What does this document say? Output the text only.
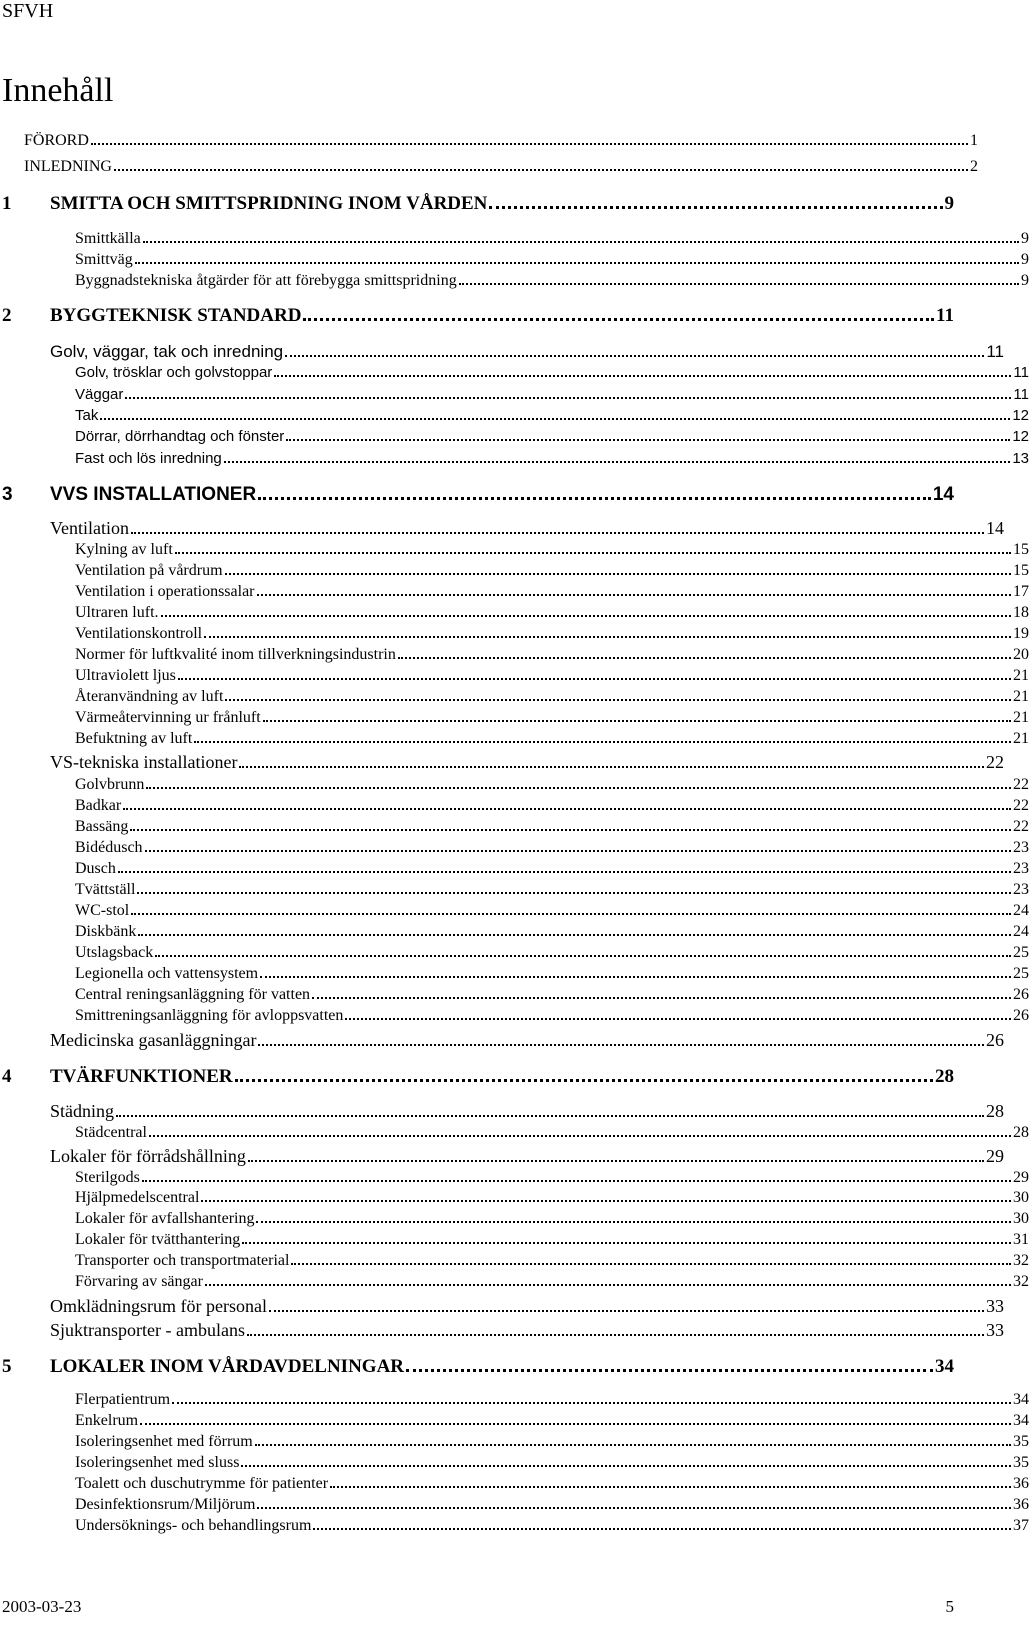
SFVH
Innehåll
FÖRORD	1
INLEDNING	2
1	SMITTA OCH SMITTSPRIDNING INOM VÅRDEN	9
Smittkälla	9
Smittväg	9
Byggnadstekniska åtgärder för att förebygga smittspridning	9
2	BYGGTEKNISK STANDARD	11
Golv, väggar, tak och inredning	11
Golv, trösklar och golvstoppar	11
Väggar	11
Tak	12
Dörrar, dörrhandtag och fönster	12
Fast och lös inredning	13
3	VVS INSTALLATIONER	14
Ventilation	14
Kylning av luft	15
Ventilation på vårdrum	15
Ventilation i operationssalar	17
Ultraren luft.	18
Ventilationskontroll	19
Normer för luftkvalité inom tillverkningsindustrin	20
Ultraviolett ljus	21
Återanvändning av luft	21
Värmeåtervinning ur frånluft	21
Befuktning av luft	21
VS-tekniska installationer	22
Golvbrunn	22
Badkar	22
Bassäng	22
Bidédusch	23
Dusch	23
Tvättställ	23
WC-stol	24
Diskbänk	24
Utslagsback	25
Legionella och vattensystem	25
Central reningsanläggning för vatten	26
Smittreningsanläggning för avloppsvatten	26
Medicinska gasanläggningar	26
4	TVÄRFUNKTIONER	28
Städning	28
Städcentral	28
Lokaler för förrådshållning	29
Sterilgods	29
Hjälpmedelscentral	30
Lokaler för avfallshantering	30
Lokaler för tvätthantering	31
Transporter och transportmaterial	32
Förvaring av sängar	32
Omklädningsrum för personal	33
Sjuktransporter - ambulans	33
5	LOKALER INOM VÅRDAVDELNINGAR	34
Flerpatientrum	34
Enkelrum	34
Isoleringsenhet med förrum	35
Isoleringsenhet med sluss	35
Toalett och duschutrymme för patienter	36
Desinfektionsrum/Miljörum	36
Undersöknings- och behandlingsrum	37
2003-03-23	5
